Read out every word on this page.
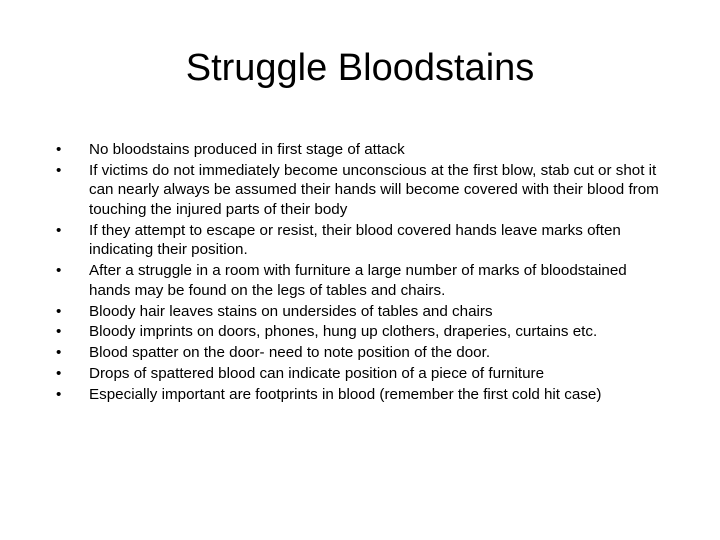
Struggle Bloodstains
•	No bloodstains produced in first stage of attack
•	If victims do not immediately become unconscious at the first blow, stab cut or shot it can nearly always be assumed their hands will become covered with their blood from touching the injured parts of their body
•	If they attempt to escape or resist, their blood covered hands leave marks often indicating their position.
•	After a struggle in a room with furniture a large number of marks of bloodstained hands may be found on the legs of tables and chairs.
•	Bloody hair leaves stains on undersides of tables and chairs
•	Bloody imprints on doors, phones, hung up clothers, draperies, curtains etc.
•	Blood spatter on the door- need to note position of the door.
•	Drops of spattered blood can indicate position of a piece of furniture
•	Especially important are footprints in blood (remember the first cold hit case)
